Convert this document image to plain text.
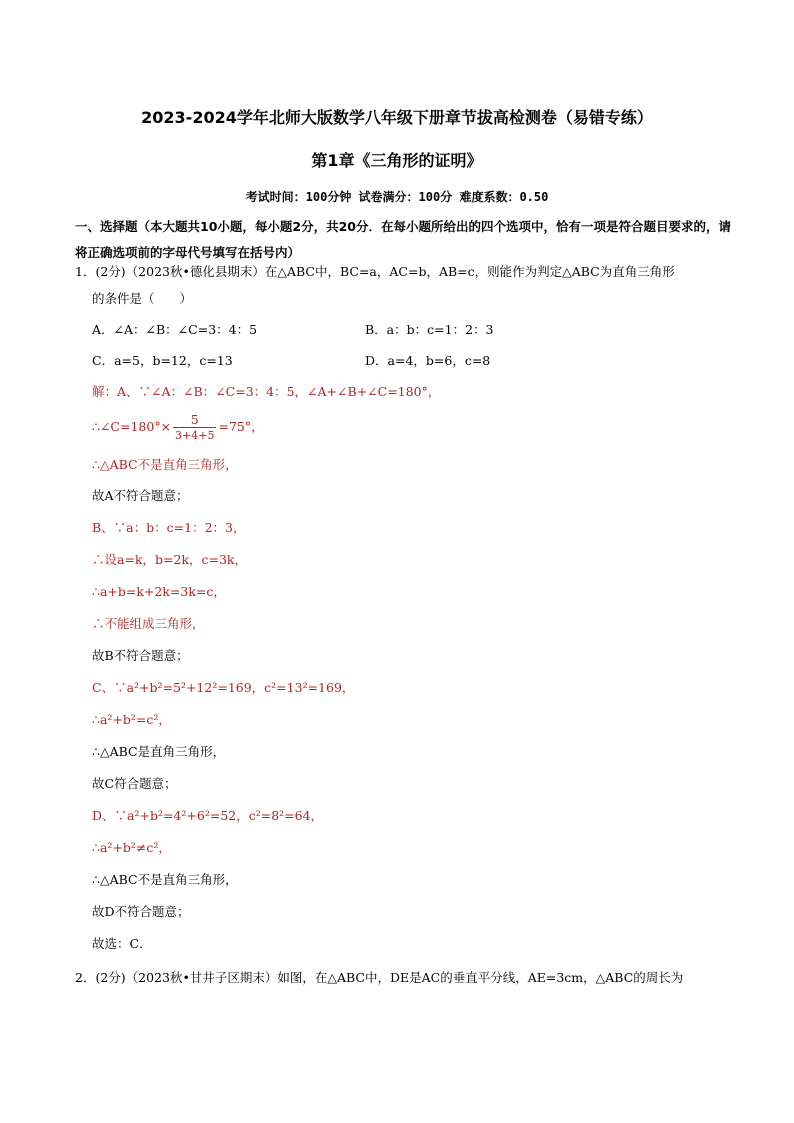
2023-2024学年北师大版数学八年级下册章节拔高检测卷（易错专练）
第1章《三角形的证明》
考试时间：100分钟 试卷满分：100分 难度系数：0.50
一、选择题（本大题共10小题，每小题2分，共20分．在每小题所给出的四个选项中，恰有一项是符合题目要求的，请将正确选项前的字母代号填写在括号内）
1．(2分)（2023秋•德化县期末）在△ABC中，BC=a，AC=b，AB=c，则能作为判定△ABC为直角三角形
的条件是（　　）
A．∠A：∠B：∠C=3：4：5	B．a：b：c=1：2：3
C．a=5，b=12，c=13	D．a=4，b=6，c=8
解：A、∵∠A：∠B：∠C=3：4：5，∠A+∠B+∠C=180°，
∴∠C=180°× $\frac{5}{3+4+5} =75^\circ$，
∴△ABC不是直角三角形，
故A不符合题意；
B、∵a：b：c=1：2：3，
∴设a=k，b=2k，c=3k，
∴a+b=k+2k=3k=c，
∴不能组成三角形，
故B不符合题意；
C、∵a²+b²=5²+12²=169，c²=13²=169，
∴a²+b²=c²，
∴△ABC是直角三角形，
故C符合题意；
D、∵a²+b²=4²+6²=52，c²=8²=64，
∴a²+b²≠c²，
∴△ABC不是直角三角形，
故D不符合题意；
故选：C．
2．(2分)（2023秋•甘井子区期末）如图，在△ABC中，DE是AC的垂直平分线，AE=3cm，△ABC的周长为
